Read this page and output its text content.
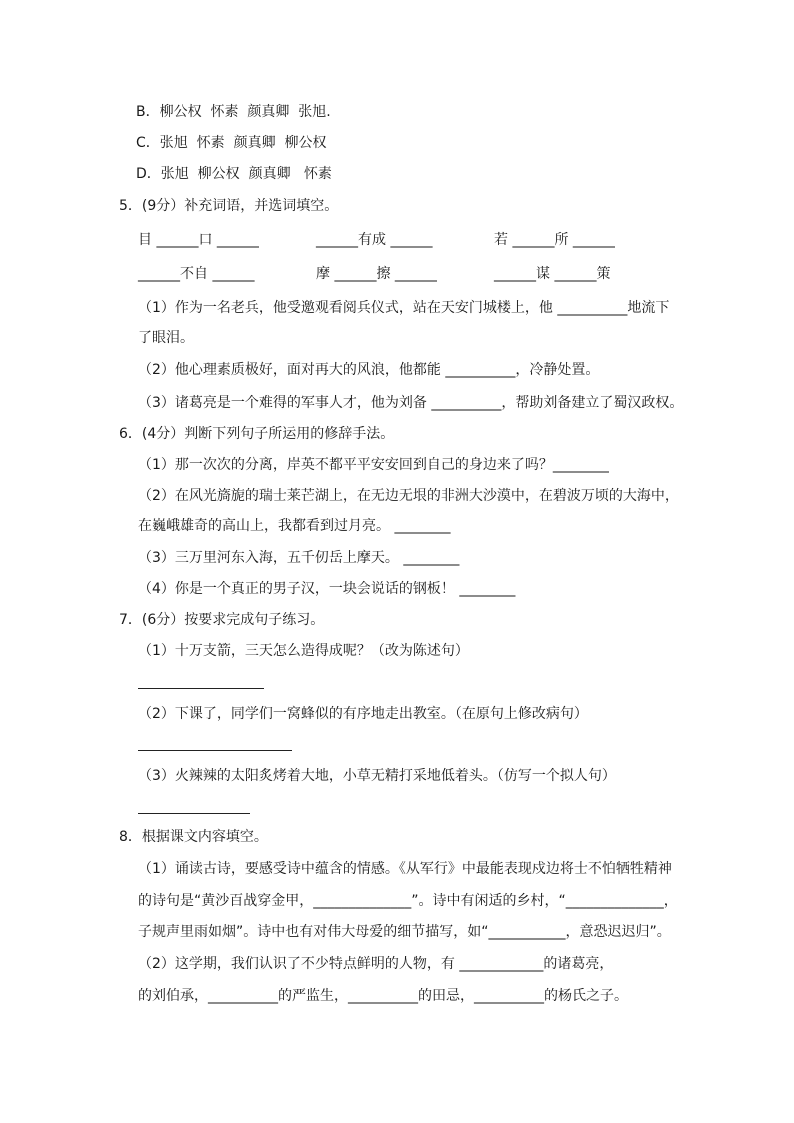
B．柳公权  怀素  颜真卿  张旭.
C．张旭  怀素  颜真卿  柳公权
D．张旭  柳公权  颜真卿   怀素
5．(9分）补充词语，并选词填空。
目 ______口 ______	______有成 ______	若 ______所 ______
______不自 ______	摩 ______擦 ______	______谋 ______策
（1）作为一名老兵，他受邀观看阅兵仪式，站在天安门城楼上，他 __________地流下
了眼泪。
（2）他心理素质极好，面对再大的风浪，他都能 __________，冷静处置。
（3）诸葛亮是一个难得的军事人才，他为刘备 __________，帮助刘备建立了蜀汉政权。
6．(4分）判断下列句子所运用的修辞手法。
（1）那一次次的分离，岸英不都平平安安回到自己的身边来了吗？________
（2）在风光旖旎的瑞士莱芒湖上，在无边无垠的非洲大沙漠中，在碧波万顷的大海中，
在巍峨雄奇的高山上，我都看到过月亮。 ________
（3）三万里河东入海，五千仞岳上摩天。 ________
（4）你是一个真正的男子汉，一块会说话的钢板！ ________
7．(6分）按要求完成句子练习。
（1）十万支箭，三天怎么造得成呢？（改为陈述句）
（2）下课了，同学们一窝蜂似的有序地走出教室。（在原句上修改病句）
（3）火辣辣的太阳炙烤着大地，小草无精打采地低着头。（仿写一个拟人句）
8．根据课文内容填空。
（1）诵读古诗，要感受诗中蕴含的情感。《从军行》中最能表现戍边将士不怕牺牲精神
的诗句是“黄沙百战穿金甲，______________”。诗中有闲适的乡村，“______________，
子规声里雨如烟”。诗中也有对伟大母爱的细节描写，如“___________，意恐迟迟归”。
（2）这学期，我们认识了不少特点鲜明的人物，有 ____________的诸葛亮，
的刘伯承，__________的严监生，__________的田忌，__________的杨氏之子。
